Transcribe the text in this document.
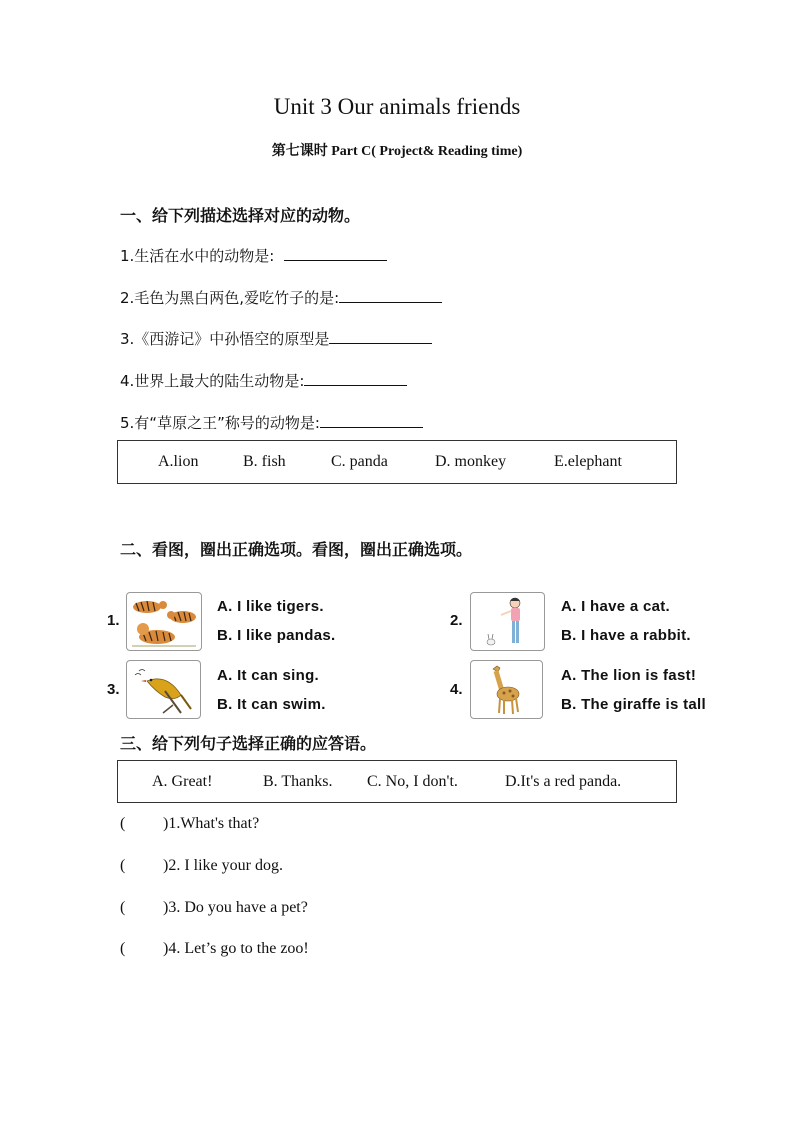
Unit 3 Our animals friends
第七课时 Part C( Project& Reading time)
一、给下列描述选择对应的动物。
1.生活在水中的动物是:
2.毛色为黑白两色,爱吃竹子的是:
3.《西游记》中孙悟空的原型是
4.世界上最大的陆生动物是:
5.有“草原之王”称号的动物是:
A.lion	B. fish	C. panda	D. monkey	E.elephant
二、看图，圈出正确选项。看图，圈出正确选项。
1.
A. I like tigers.
B. I like pandas.
2.
A. I have a cat.
B. I have a rabbit.
3.
A. It can sing.
B. It can swim.
4.
A. The lion is fast!
B. The giraffe is tall
三、给下列句子选择正确的应答语。
A. Great!	B. Thanks. C. No, I don't.	D.It's a red panda.
( )1.What's that?
( )2. I like your dog.
( )3. Do you have a pet?
( )4. Let’s go to the zoo!
